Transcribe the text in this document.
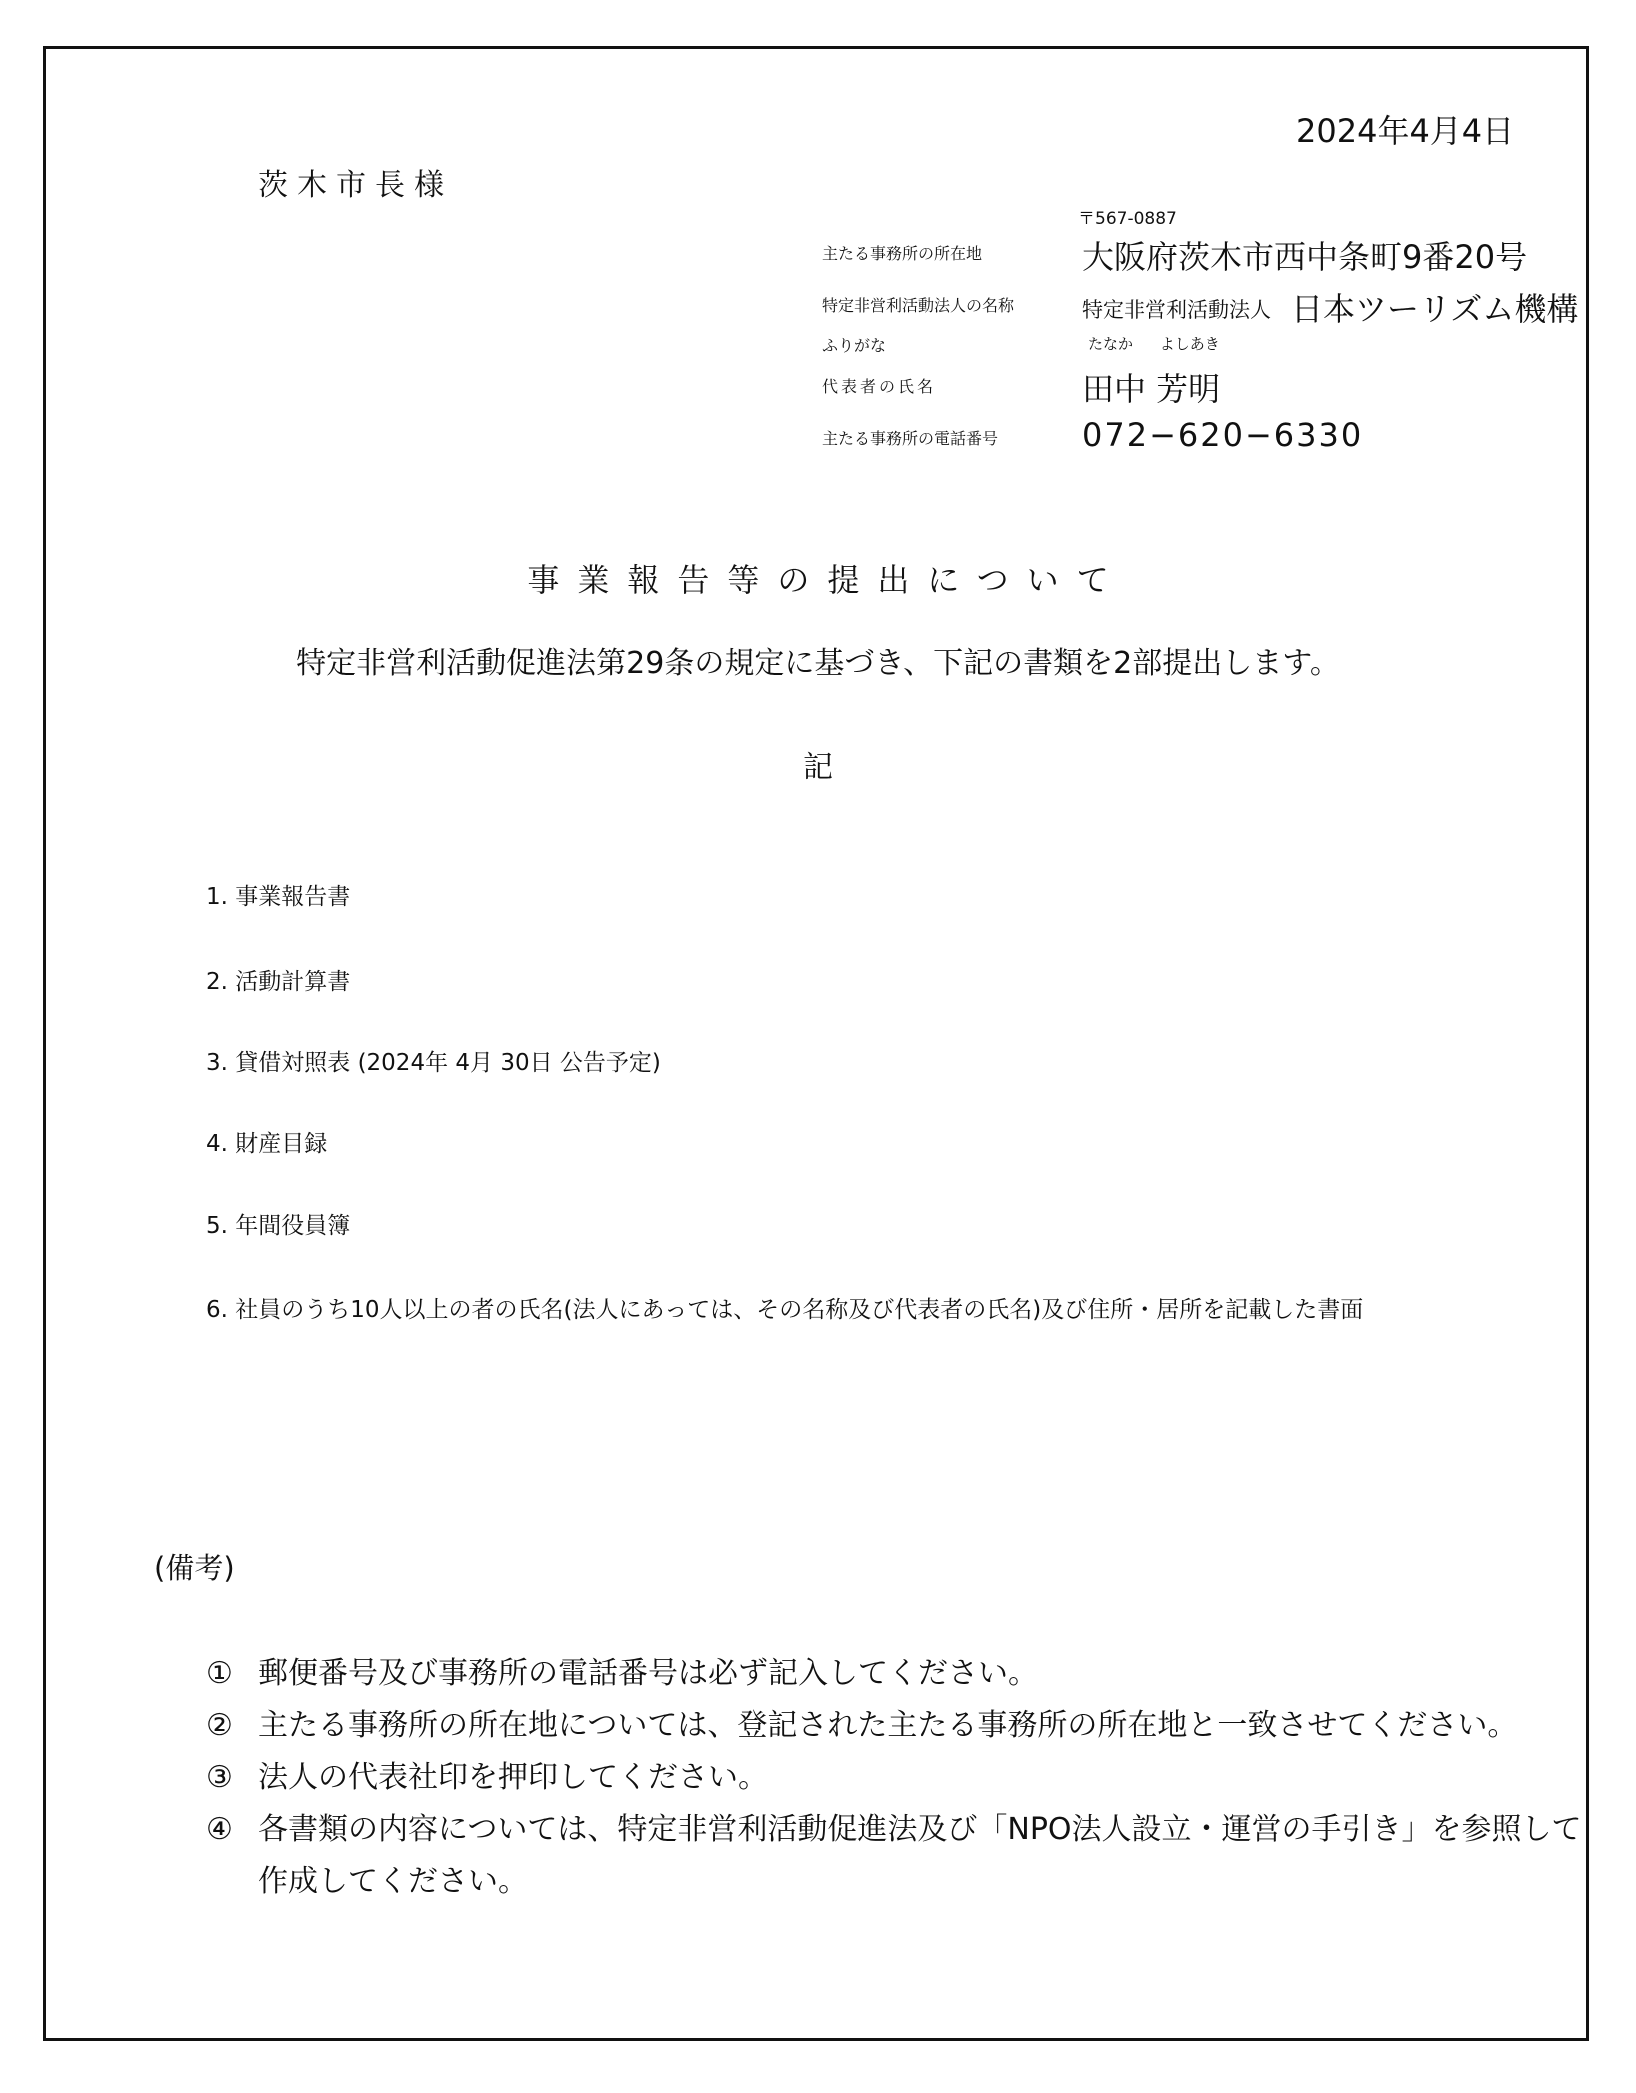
2024年4月4日
茨木市長様
〒567-0887
主たる事務所の所在地	大阪府茨木市西中条町9番20号
特定非営利活動法人の名称	特定非営利活動法人 日本ツーリズム機構
ふりがな	たなか よしあき
代表者の氏名	田中 芳明
主たる事務所の電話番号	072−620−6330
事業報告等の提出について
特定非営利活動促進法第29条の規定に基づき、下記の書類を2部提出します。
記
1. 事業報告書
2. 活動計算書
3. 貸借対照表 (2024年 4月 30日 公告予定)
4. 財産目録
5. 年間役員簿
6. 社員のうち10人以上の者の氏名(法人にあっては、その名称及び代表者の氏名)及び住所・居所を記載した書面
(備考)
① 郵便番号及び事務所の電話番号は必ず記入してください。
② 主たる事務所の所在地については、登記された主たる事務所の所在地と一致させてください。
③ 法人の代表社印を押印してください。
④ 各書類の内容については、特定非営利活動促進法及び「NPO法人設立・運営の手引き」を参照して
作成してください。
